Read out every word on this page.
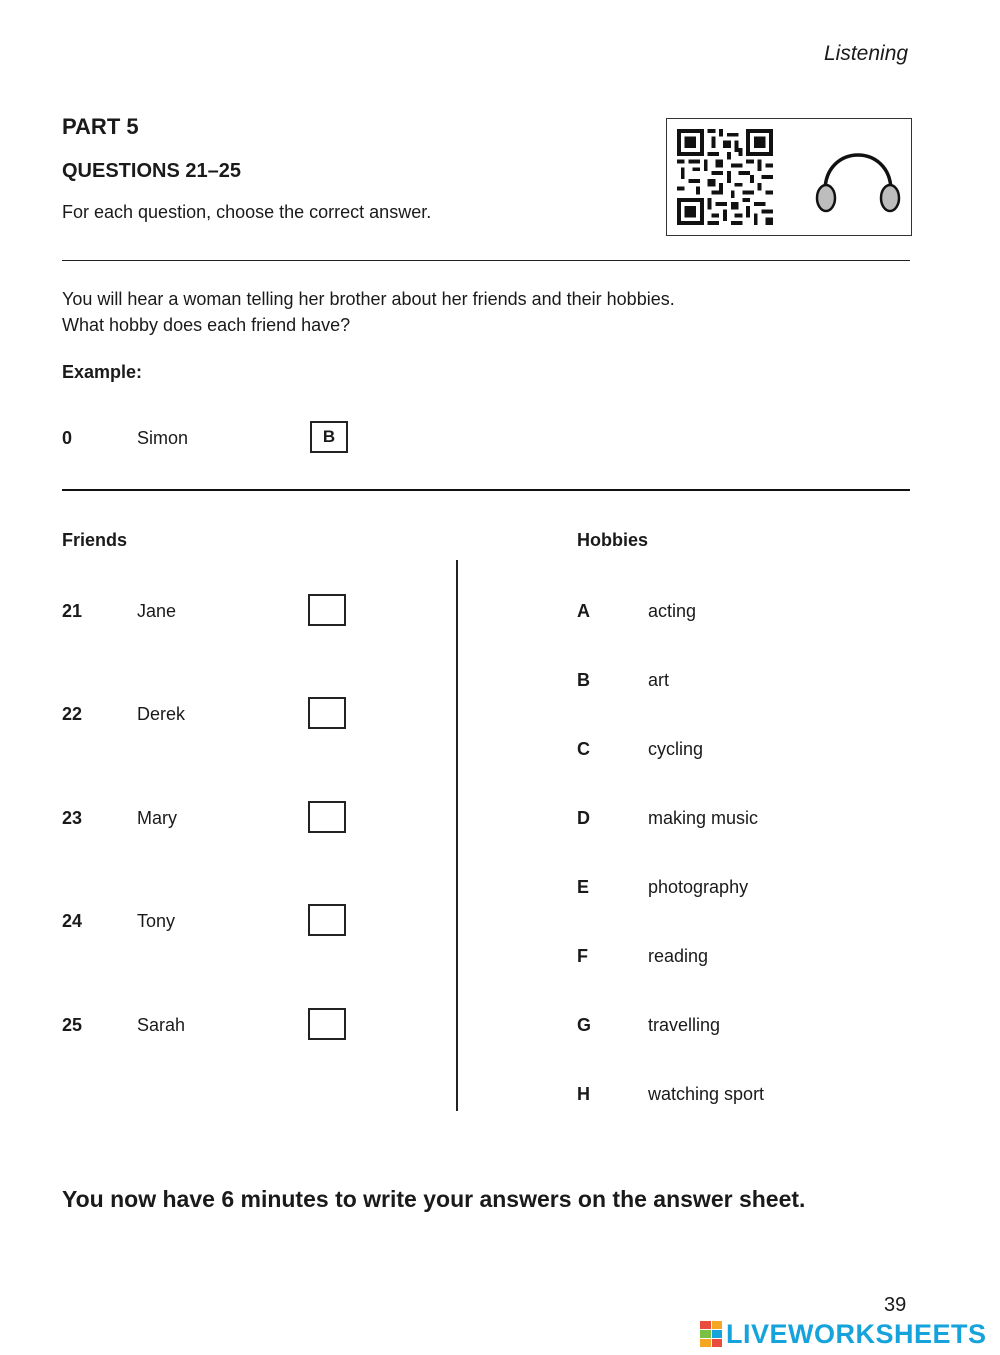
Listening
PART 5
QUESTIONS 21–25
For each question, choose the correct answer.
You will hear a woman telling her brother about her friends and their hobbies.
What hobby does each friend have?
Example:
0	Simon	B
Friends	Hobbies
21	Jane
22	Derek
23	Mary
24	Tony
25	Sarah
A	acting
B	art
C	cycling
D	making music
E	photography
F	reading
G	travelling
H	watching sport
You now have 6 minutes to write your answers on the answer sheet.
39
LIVEWORKSHEETS
